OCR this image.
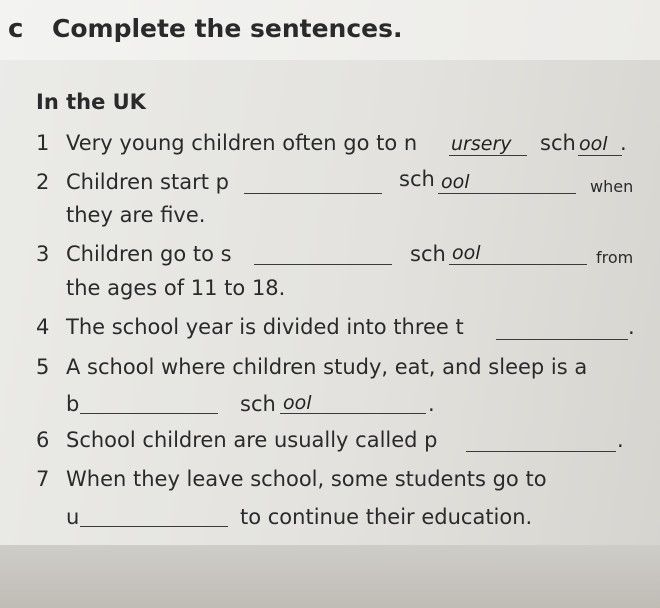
c Complete the sentences.
In the UK
1 Very young children often go to n ursery sch ool .
2 Children start p	sch ool	when
they are five.
3 Children go to s	sch ool	from
the ages of 11 to 18.
4 The school year is divided into three t	.
5 A school where children study, eat, and sleep is a
b	sch ool	.
6 School children are usually called p	.
7 When they leave school, some students go to
u	to continue their education.
